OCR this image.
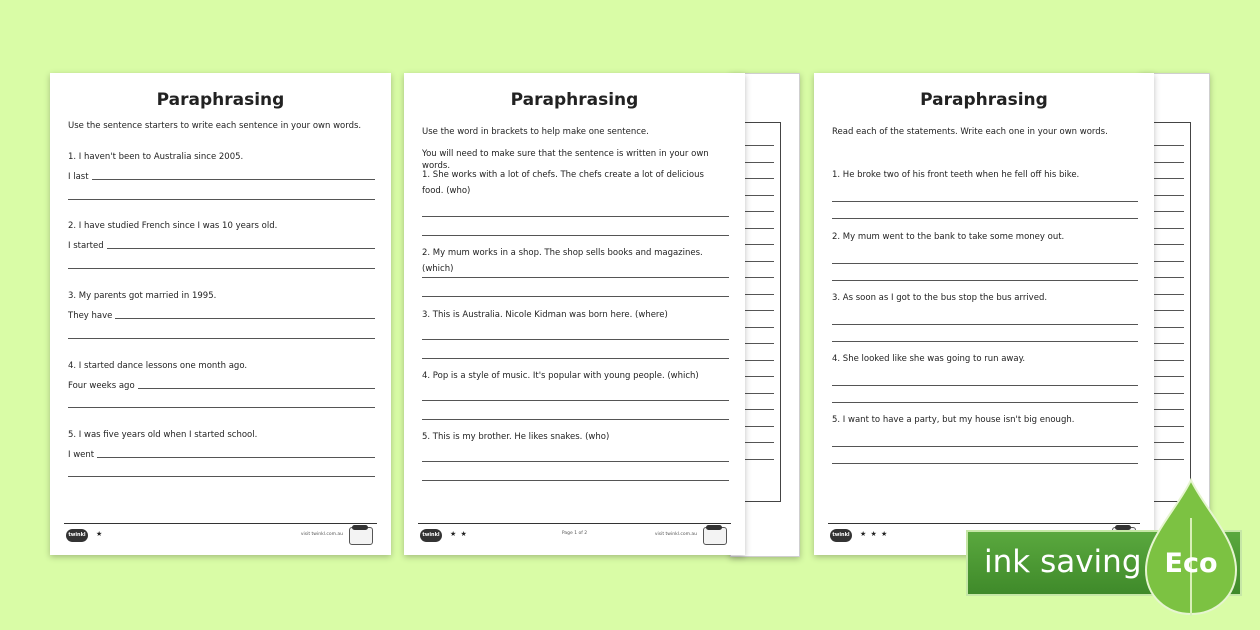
Paraphrasing
Use the sentence starters to write each sentence in your own words.
1. I haven't been to Australia since 2005.
I last
2. I have studied French since I was 10 years old.
I started
3. My parents got married in 1995.
They have
4. I started dance lessons one month ago.
Four weeks ago
5. I was five years old when I started school.
I went
twinkl	★	visit twinkl.com.au
Paraphrasing
Use the word in brackets to help make one sentence.
You will need to make sure that the sentence is written in your own words.
1. She works with a lot of chefs. The chefs create a lot of delicious food. (who)
2. My mum works in a shop. The shop sells books and magazines. (which)
3. This is Australia. Nicole Kidman was born here. (where)
4. Pop is a style of music. It's popular with young people. (which)
5. This is my brother. He likes snakes. (who)
twinkl	★ ★	Page 1 of 2	visit twinkl.com.au
Paraphrasing
Read each of the statements. Write each one in your own words.
1. He broke two of his front teeth when he fell off his bike.
2. My mum went to the bank to take some money out.
3. As soon as I got to the bus stop the bus arrived.
4. She looked like she was going to run away.
5. I want to have a party, but my house isn't big enough.
twinkl	★ ★ ★
ink saving Eco
